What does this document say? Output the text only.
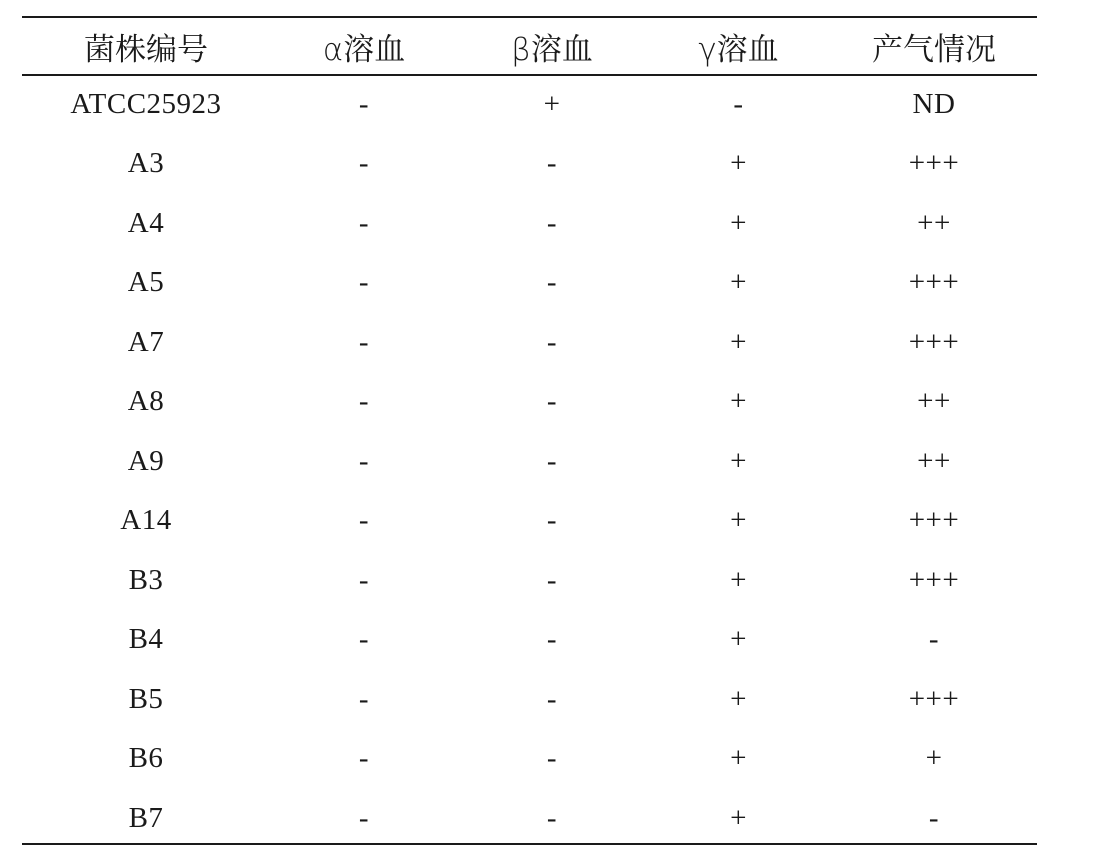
菌株编号	α溶血	β溶血	γ溶血	产气情况
ATCC25923	-	+	-	ND
A3	-	-	+	+++
A4	-	-	+	++
A5	-	-	+	+++
A7	-	-	+	+++
A8	-	-	+	++
A9	-	-	+	++
A14	-	-	+	+++
B3	-	-	+	+++
B4	-	-	+	-
B5	-	-	+	+++
B6	-	-	+	+
B7	-	-	+	-
